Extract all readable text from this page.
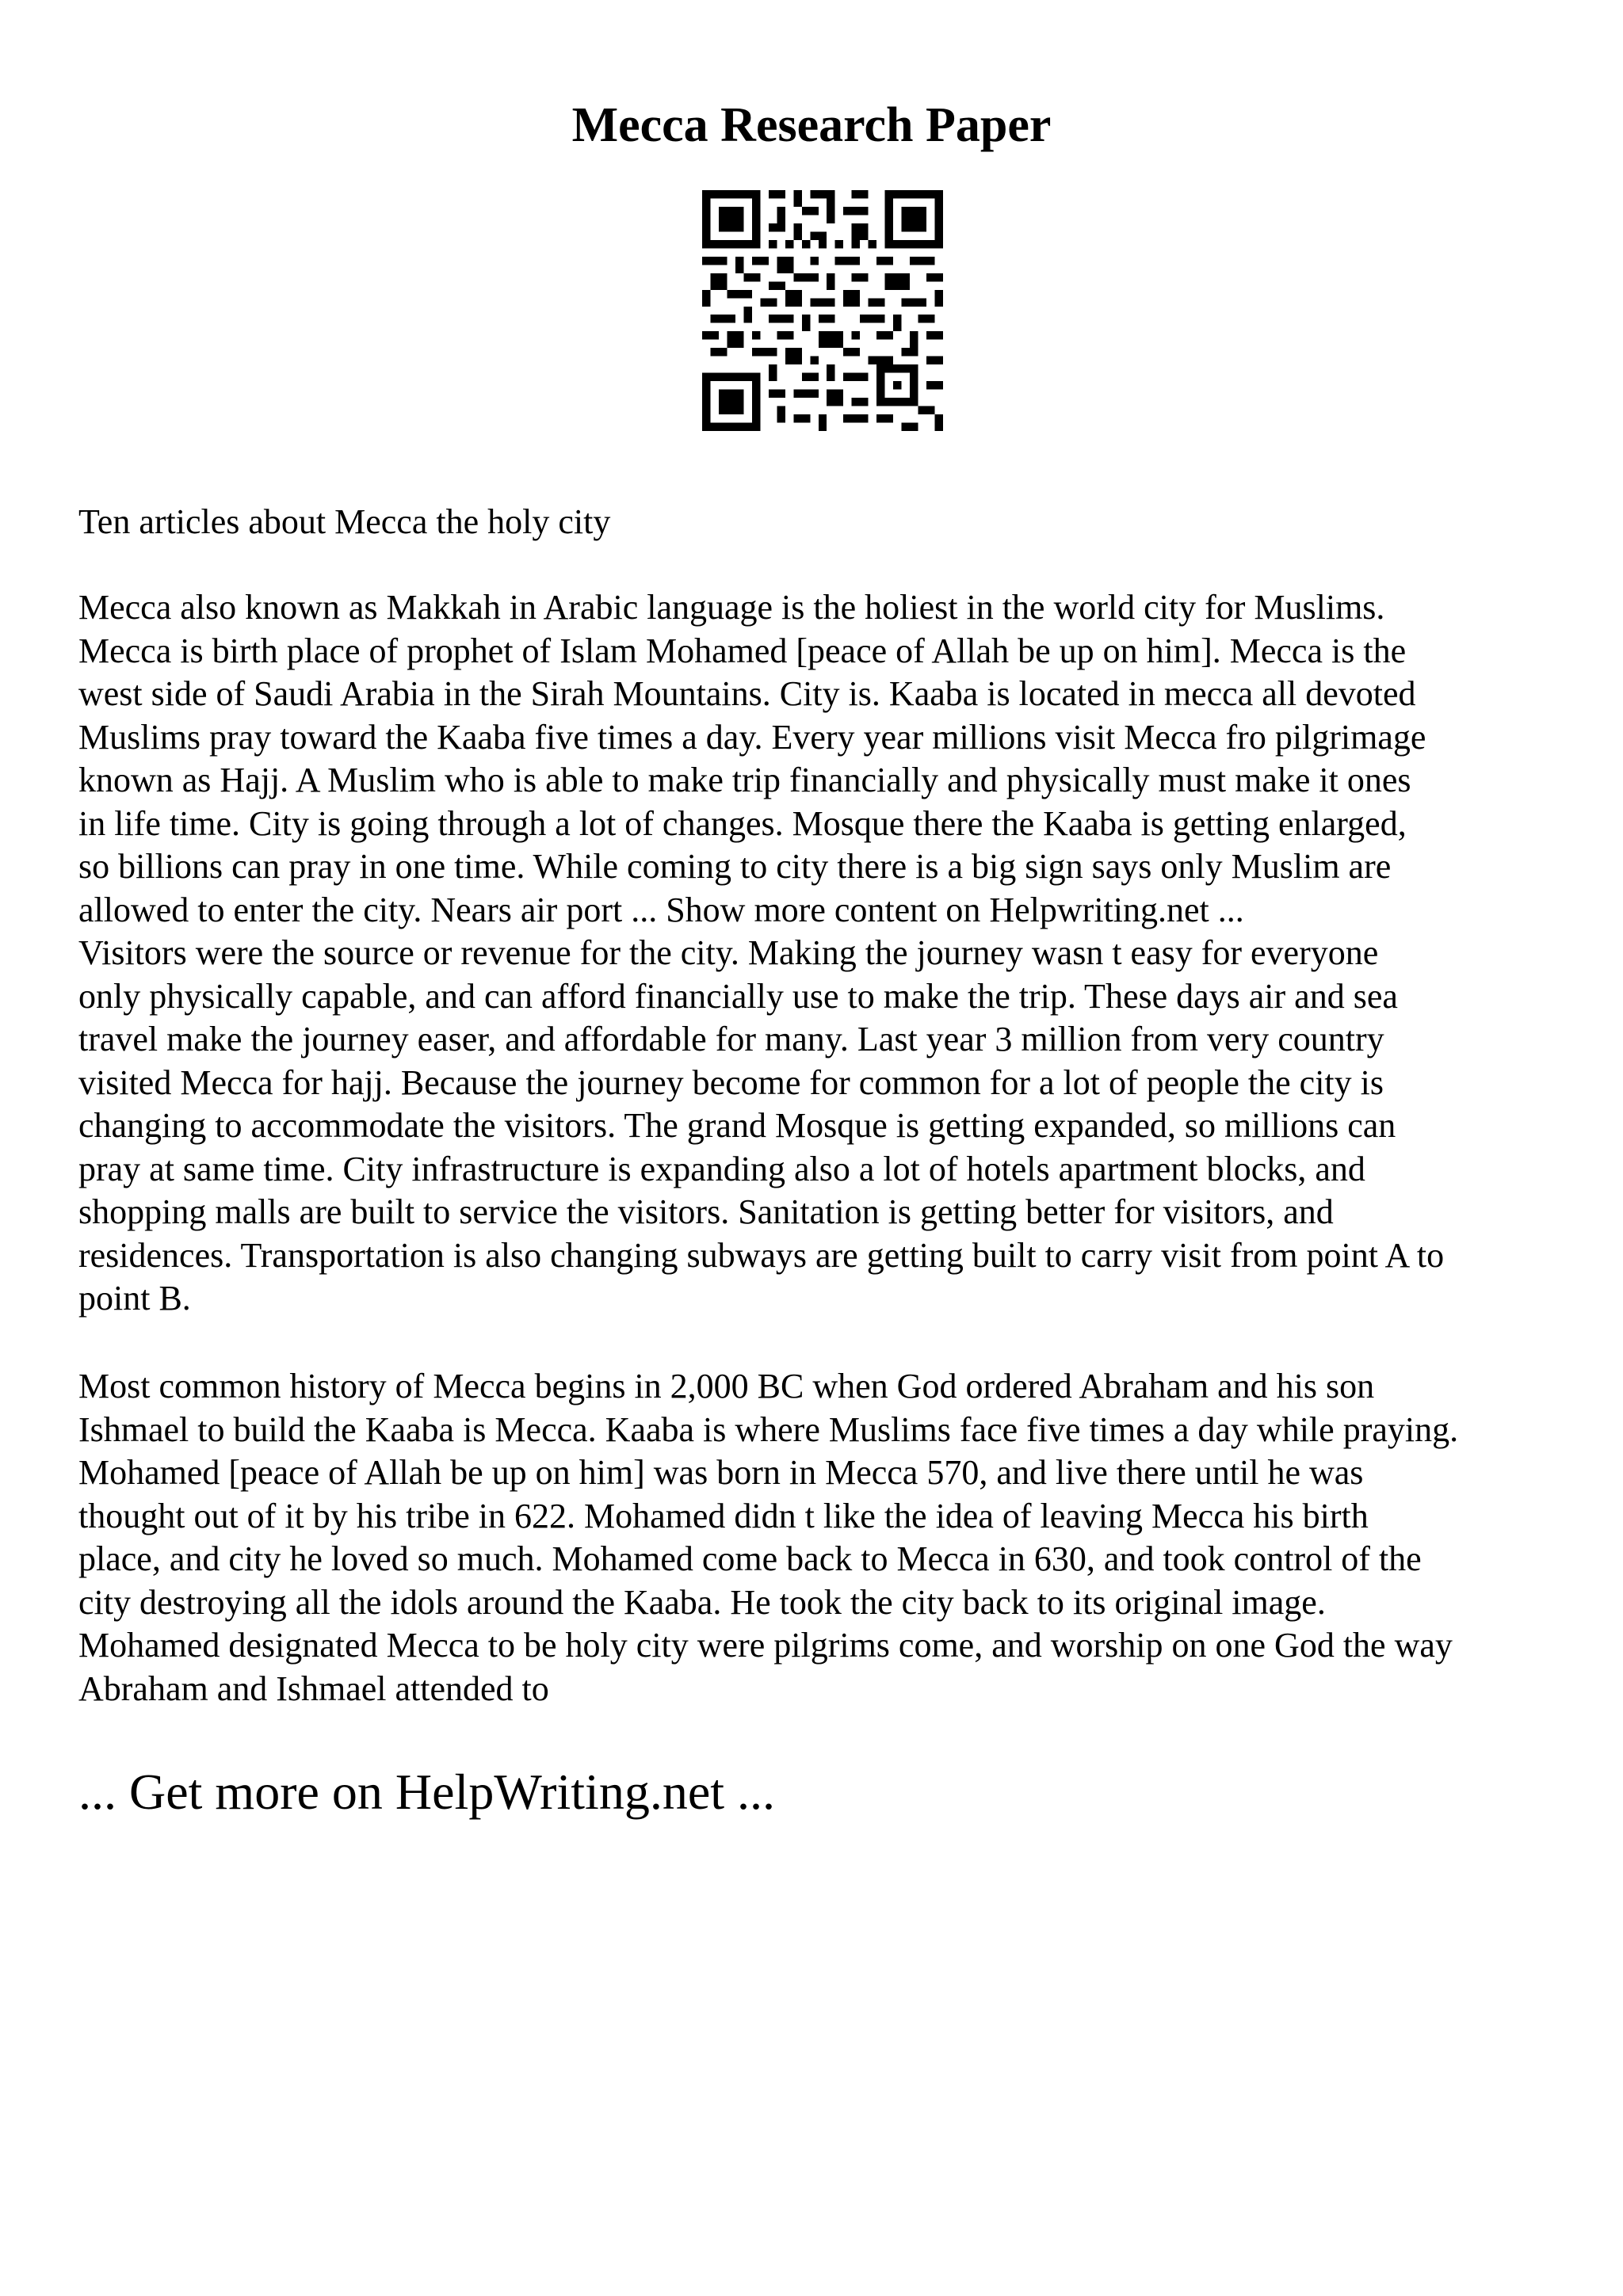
Mecca Research Paper

Ten articles about Mecca the holy city

Mecca also known as Makkah in Arabic language is the holiest in the world city for Muslims.
Mecca is birth place of prophet of Islam Mohamed [peace of Allah be up on him]. Mecca is the
west side of Saudi Arabia in the Sirah Mountains. City is. Kaaba is located in mecca all devoted
Muslims pray toward the Kaaba five times a day. Every year millions visit Mecca fro pilgrimage
known as Hajj. A Muslim who is able to make trip financially and physically must make it ones
in life time. City is going through a lot of changes. Mosque there the Kaaba is getting enlarged,
so billions can pray in one time. While coming to city there is a big sign says only Muslim are
allowed to enter the city. Nears air port ... Show more content on Helpwriting.net ...
Visitors were the source or revenue for the city. Making the journey wasn t easy for everyone
only physically capable, and can afford financially use to make the trip. These days air and sea
travel make the journey easer, and affordable for many. Last year 3 million from very country
visited Mecca for hajj. Because the journey become for common for a lot of people the city is
changing to accommodate the visitors. The grand Mosque is getting expanded, so millions can
pray at same time. City infrastructure is expanding also a lot of hotels apartment blocks, and
shopping malls are built to service the visitors. Sanitation is getting better for visitors, and
residences. Transportation is also changing subways are getting built to carry visit from point A to
point B.
Most common history of Mecca begins in 2,000 BC when God ordered Abraham and his son
Ishmael to build the Kaaba is Mecca. Kaaba is where Muslims face five times a day while praying.
Mohamed [peace of Allah be up on him] was born in Mecca 570, and live there until he was
thought out of it by his tribe in 622. Mohamed didn t like the idea of leaving Mecca his birth
place, and city he loved so much. Mohamed come back to Mecca in 630, and took control of the
city destroying all the idols around the Kaaba. He took the city back to its original image.
Mohamed designated Mecca to be holy city were pilgrims come, and worship on one God the way
Abraham and Ishmael attended to

... Get more on HelpWriting.net ...
